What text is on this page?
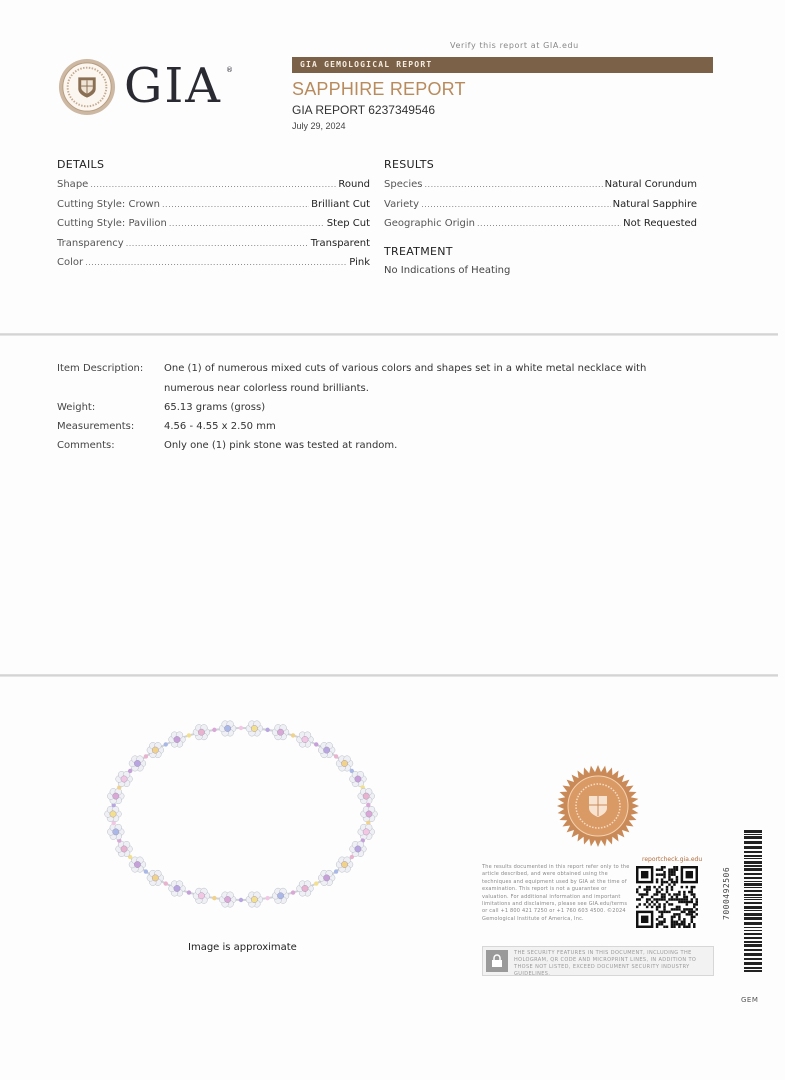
Verify this report at GIA.edu
GIA ®
GIA GEMOLOGICAL REPORT
SAPPHIRE REPORT
GIA REPORT 6237349546
July 29, 2024
DETAILS
Shape .....	Round
Cutting Style: Crown .....	Brilliant Cut
Cutting Style: Pavilion .....	Step Cut
Transparency .....	Transparent
Color .....	Pink
RESULTS
Species .....	Natural Corundum
Variety .....	Natural Sapphire
Geographic Origin .....	Not Requested
TREATMENT
No Indications of Heating
Item Description: One (1) of numerous mixed cuts of various colors and shapes set in a white metal necklace with numerous near colorless round brilliants.
Weight:	65.13 grams (gross)
Measurements:	4.56 - 4.55 x 2.50 mm
Comments:	Only one (1) pink stone was tested at random.
Image is approximate
reportcheck.gia.edu
The results documented in this report refer only to the article described, and were obtained using the techniques and equipment used by GIA at the time of examination. This report is not a guarantee or valuation. For additional information and important limitations and disclaimers, please see GIA.edu/terms or call +1 800 421 7250 or +1 760 603 4500. ©2024 Gemological Institute of America, Inc.
THE SECURITY FEATURES IN THIS DOCUMENT, INCLUDING THE HOLOGRAM, QR CODE AND MICROPRINT LINES, IN ADDITION TO THOSE NOT LISTED, EXCEED DOCUMENT SECURITY INDUSTRY GUIDELINES.
7000492506
GEM
